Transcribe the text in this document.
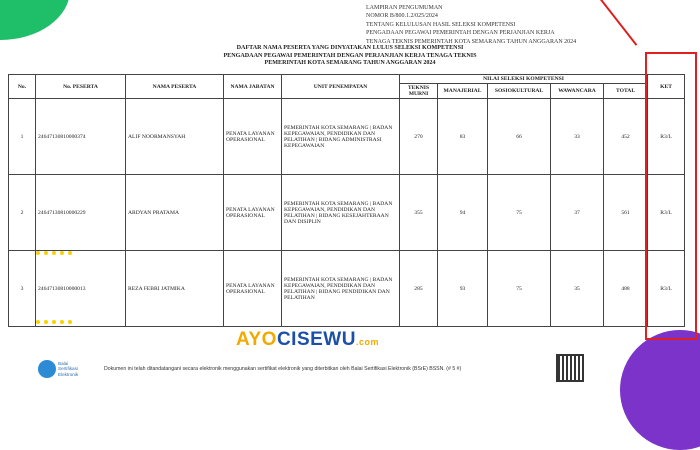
LAMPIRAN PENGUMUMAN
NOMOR B/800.1.2/025/2024
TENTANG KELULUSAN HASIL SELEKSI KOMPETENSI
PENGADAAN PEGAWAI PEMERINTAH DENGAN PERJANJIAN KERJA
TENAGA TEKNIS PEMERINTAH KOTA SEMARANG TAHUN ANGGARAN 2024
DAFTAR NAMA PESERTA YANG DINYATAKAN LULUS SELEKSI KOMPETENSI
PENGADAAN PEGAWAI PEMERINTAH DENGAN PERJANJIAN KERJA TENAGA TEKNIS
PEMERINTAH KOTA SEMARANG TAHUN ANGGARAN 2024
No.	No. PESERTA	NAMA PESERTA	NAMA JABATAN	UNIT PENEMPATAN	NILAI SELEKSI KOMPETENSI					KET
					TEKNIS MURNI	MANAJERIAL	SOSIOKULTURAL	WAWANCARA	TOTAL	
1	24647130810000374	ALIF NOORMANSYAH	PENATA LAYANAN OPERASIONAL	PEMERINTAH KOTA SEMARANG | BADAN KEPEGAWAIAN, PENDIDIKAN DAN PELATIHAN | BIDANG ADMINISTRASI KEPEGAWAIAN	270	83	66	33	452	R3/L
2	24647130810000229	ARDYAN PRATAMA	PENATA LAYANAN OPERASIONAL	PEMERINTAH KOTA SEMARANG | BADAN KEPEGAWAIAN, PENDIDIKAN DAN PELATIHAN | BIDANG KESEJAHTERAAN DAN DISIPLIN	355	94	75	37	561	R3/L
3	24647130810000013	REZA FEBRI JATMIKA	PENATA LAYANAN OPERASIONAL	PEMERINTAH KOTA SEMARANG | BADAN KEPEGAWAIAN, PENDIDIKAN DAN PELATIHAN | BIDANG PENDIDIKAN DAN PELATIHAN	285	93	75	35	488	R3/L
AYOCISEWU.com
Balai
Sertifikasi
Elektronik
Dokumen ini telah ditandatangani secara elektronik menggunakan sertifikat elektronik yang diterbitkan oleh Balai Sertifikasi Elektronik (BSrE) BSSN. (# 5 #)
